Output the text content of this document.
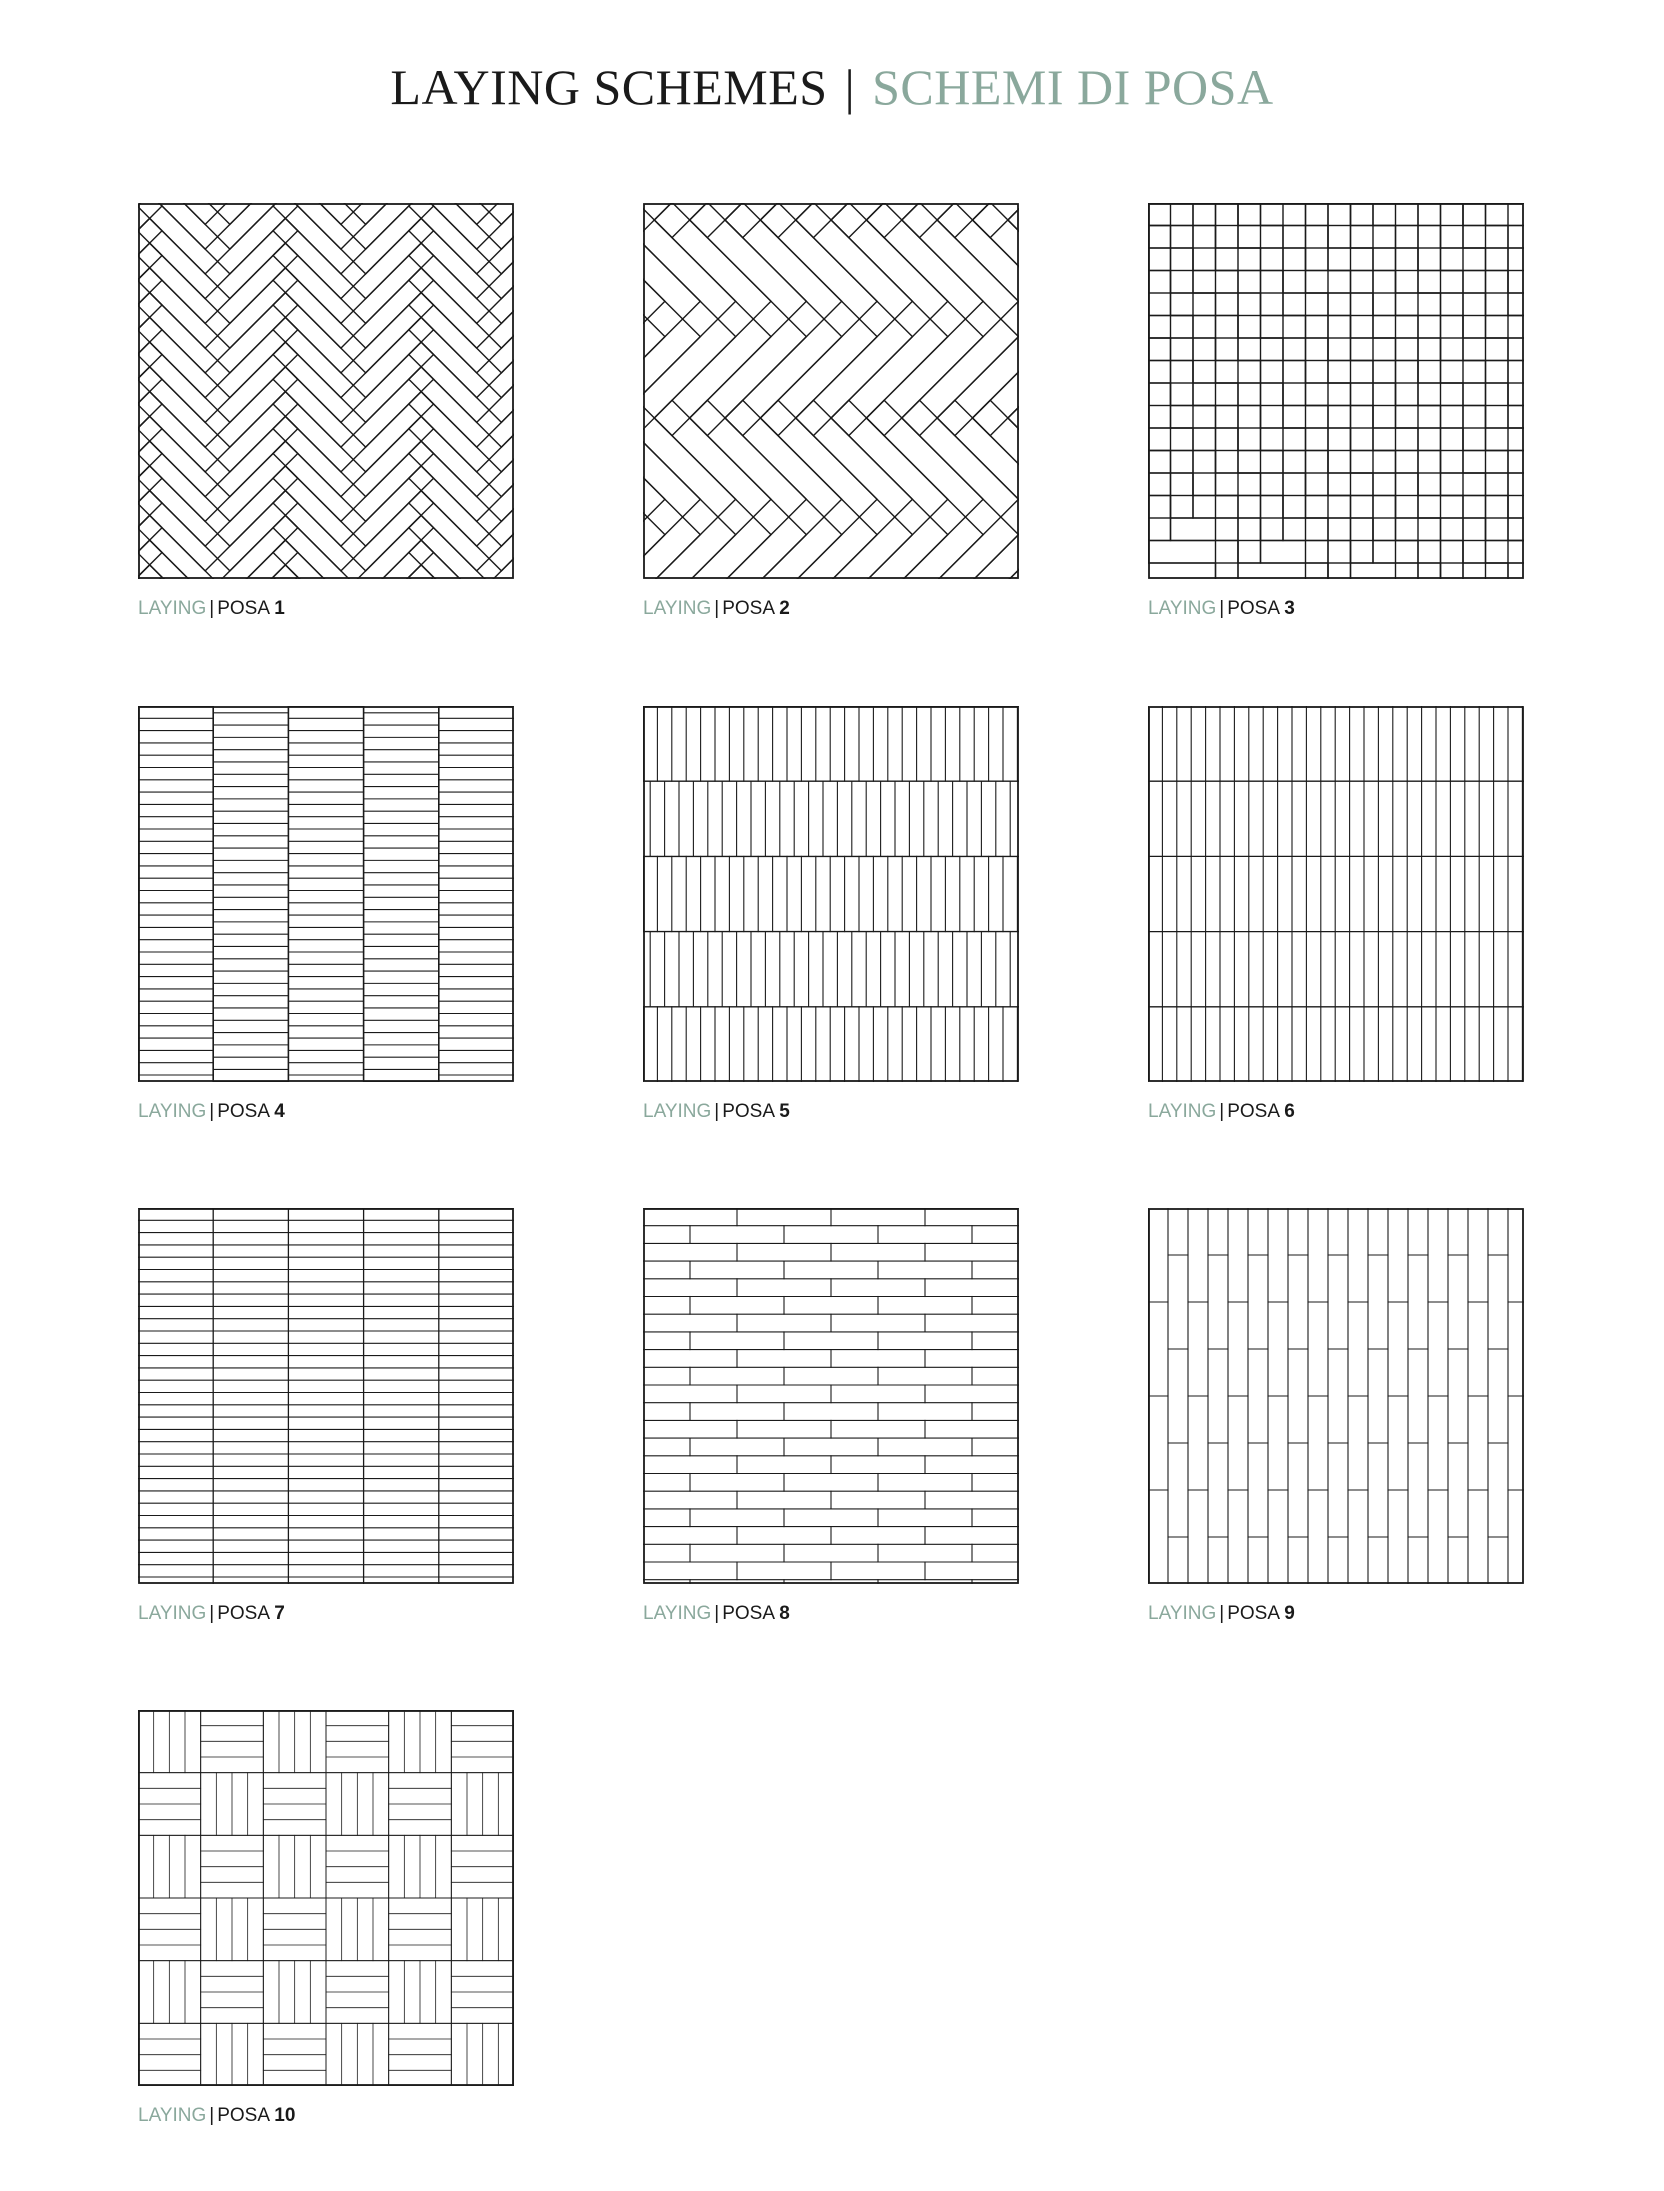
LAYING SCHEMES | SCHEMI DI POSA
LAYING | POSA 1	LAYING | POSA 2	LAYING | POSA 3
LAYING | POSA 4	LAYING | POSA 5	LAYING | POSA 6
LAYING | POSA 7	LAYING | POSA 8	LAYING | POSA 9
LAYING | POSA 10
